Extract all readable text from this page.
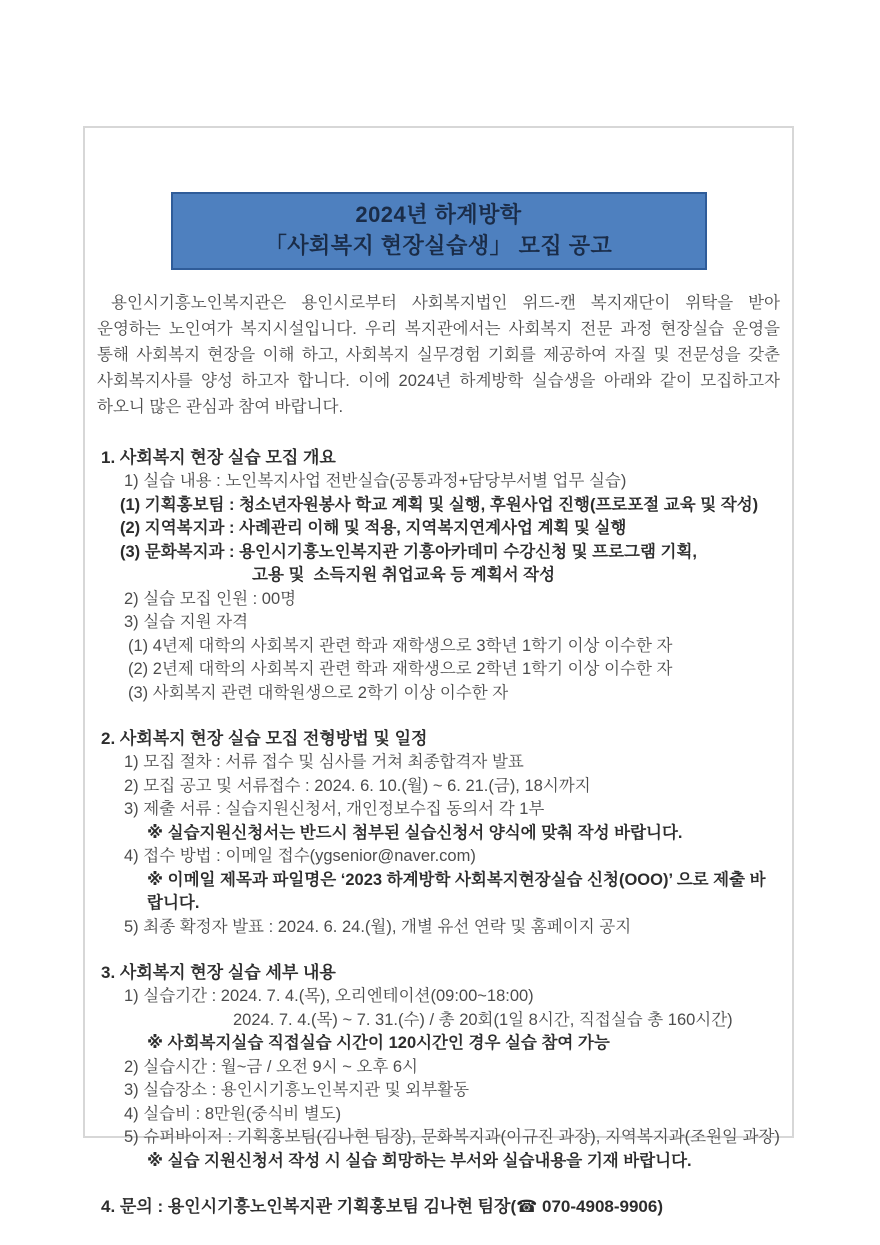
2024년 하계방학
「사회복지 현장실습생」 모집 공고

용인시기흥노인복지관은 용인시로부터 사회복지법인 위드-캔 복지재단이 위탁을 받아 운영하는 노인여가 복지시설입니다. 우리 복지관에서는 사회복지 전문 과정 현장실습 운영을 통해 사회복지 현장을 이해 하고, 사회복지 실무경험 기회를 제공하여 자질 및 전문성을 갖춘 사회복지사를 양성 하고자 합니다. 이에 2024년 하계방학 실습생을 아래와 같이 모집하고자 하오니 많은 관심과 참여 바랍니다.

1. 사회복지 현장 실습 모집 개요
1) 실습 내용 : 노인복지사업 전반실습(공통과정+담당부서별 업무 실습)
(1) 기획홍보팀 : 청소년자원봉사 학교 계획 및 실행, 후원사업 진행(프로포절 교육 및 작성)
(2) 지역복지과 : 사례관리 이해 및 적용, 지역복지연계사업 계획 및 실행
(3) 문화복지과 : 용인시기흥노인복지관 기흥아카데미 수강신청 및 프로그램 기획,
고용 및  소득지원 취업교육 등 계획서 작성
2) 실습 모집 인원 : 00명
3) 실습 지원 자격
(1) 4년제 대학의 사회복지 관련 학과 재학생으로 3학년 1학기 이상 이수한 자
(2) 2년제 대학의 사회복지 관련 학과 재학생으로 2학년 1학기 이상 이수한 자
(3) 사회복지 관련 대학원생으로 2학기 이상 이수한 자
2. 사회복지 현장 실습 모집 전형방법 및 일정
1) 모집 절차 : 서류 접수 및 심사를 거쳐 최종합격자 발표
2) 모집 공고 및 서류접수 : 2024. 6. 10.(월) ~ 6. 21.(금), 18시까지
3) 제출 서류 : 실습지원신청서, 개인정보수집 동의서 각 1부
※ 실습지원신청서는 반드시 첨부된 실습신청서 양식에 맞춰 작성 바랍니다.
4) 접수 방법 : 이메일 접수(ygsenior@naver.com)
※ 이메일 제목과 파일명은 ‘2023 하계방학 사회복지현장실습 신청(OOO)’ 으로 제출 바랍니다.
5) 최종 확정자 발표 : 2024. 6. 24.(월), 개별 유선 연락 및 홈페이지 공지
3. 사회복지 현장 실습 세부 내용
1) 실습기간 : 2024. 7. 4.(목), 오리엔테이션(09:00~18:00)
2024. 7. 4.(목) ~ 7. 31.(수) / 총 20회(1일 8시간, 직접실습 총 160시간)
※ 사회복지실습 직접실습 시간이 120시간인 경우 실습 참여 가능
2) 실습시간 : 월~금 / 오전 9시 ~ 오후 6시
3) 실습장소 : 용인시기흥노인복지관 및 외부활동
4) 실습비 : 8만원(중식비 별도)
5) 슈퍼바이저 : 기획홍보팀(김나현 팀장), 문화복지과(이규진 과장), 지역복지과(조원일 과장)
※ 실습 지원신청서 작성 시 실습 희망하는 부서와 실습내용을 기재 바랍니다.
4. 문의 : 용인시기흥노인복지관 기획홍보팀 김나현 팀장(☎ 070-4908-9906)
